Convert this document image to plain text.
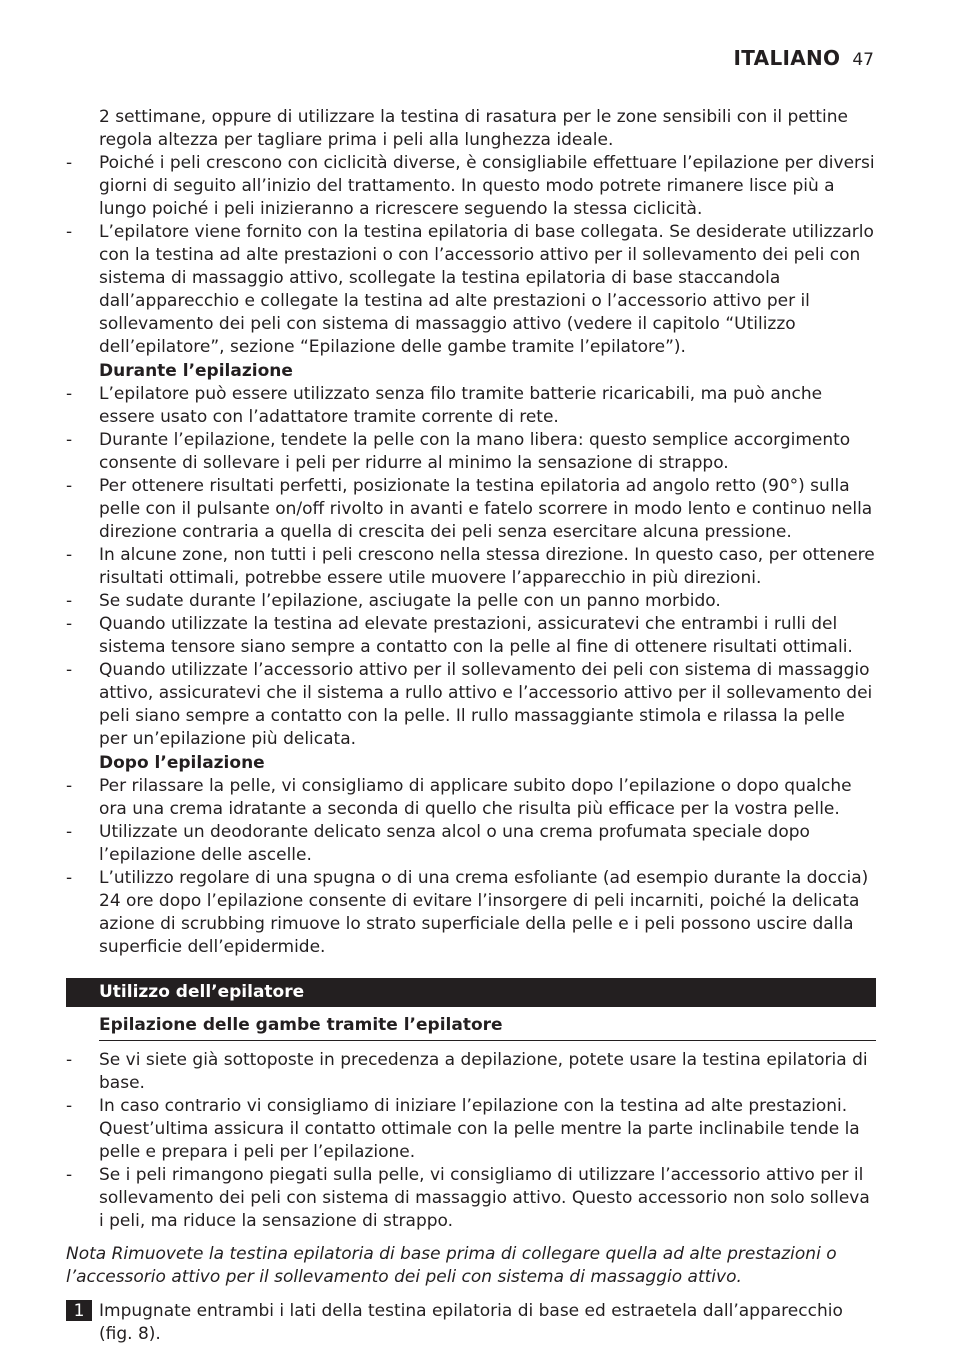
ITALIANO 47

2 settimane, oppure di utilizzare la testina di rasatura per le zone sensibili con il pettine regola altezza per tagliare prima i peli alla lunghezza ideale.

- Poiché i peli crescono con ciclicità diverse, è consigliabile effettuare l’epilazione per diversi giorni di seguito all’inizio del trattamento. In questo modo potrete rimanere lisce più a lungo poiché i peli inizieranno a ricrescere seguendo la stessa ciclicità.
- L’epilatore viene fornito con la testina epilatoria di base collegata. Se desiderate utilizzarlo con la testina ad alte prestazioni o con l’accessorio attivo per il sollevamento dei peli con sistema di massaggio attivo, scollegate la testina epilatoria di base staccandola dall’apparecchio e collegate la testina ad alte prestazioni o l’accessorio attivo per il sollevamento dei peli con sistema di massaggio attivo (vedere il capitolo “Utilizzo dell’epilatore”, sezione “Epilazione delle gambe tramite l’epilatore”).
Durante l’epilazione
- L’epilatore può essere utilizzato senza filo tramite batterie ricaricabili, ma può anche essere usato con l’adattatore tramite corrente di rete.
- Durante l’epilazione, tendete la pelle con la mano libera: questo semplice accorgimento consente di sollevare i peli per ridurre al minimo la sensazione di strappo.
- Per ottenere risultati perfetti, posizionate la testina epilatoria ad angolo retto (90°) sulla pelle con il pulsante on/off rivolto in avanti e fatelo scorrere in modo lento e continuo nella direzione contraria a quella di crescita dei peli senza esercitare alcuna pressione.
- In alcune zone, non tutti i peli crescono nella stessa direzione. In questo caso, per ottenere risultati ottimali, potrebbe essere utile muovere l’apparecchio in più direzioni.
- Se sudate durante l’epilazione, asciugate la pelle con un panno morbido.
- Quando utilizzate la testina ad elevate prestazioni, assicuratevi che entrambi i rulli del sistema tensore siano sempre a contatto con la pelle al fine di ottenere risultati ottimali.
- Quando utilizzate l’accessorio attivo per il sollevamento dei peli con sistema di massaggio attivo, assicuratevi che il sistema a rullo attivo e l’accessorio attivo per il sollevamento dei peli siano sempre a contatto con la pelle. Il rullo massaggiante stimola e rilassa la pelle per un’epilazione più delicata.
Dopo l’epilazione
- Per rilassare la pelle, vi consigliamo di applicare subito dopo l’epilazione o dopo qualche ora una crema idratante a seconda di quello che risulta più efficace per la vostra pelle.
- Utilizzate un deodorante delicato senza alcol o una crema profumata speciale dopo l’epilazione delle ascelle.
- L’utilizzo regolare di una spugna o di una crema esfoliante (ad esempio durante la doccia) 24 ore dopo l’epilazione consente di evitare l’insorgere di peli incarniti, poiché la delicata azione di scrubbing rimuove lo strato superficiale della pelle e i peli possono uscire dalla superficie dell’epidermide.
Utilizzo dell’epilatore
Epilazione delle gambe tramite l’epilatore
- Se vi siete già sottoposte in precedenza a depilazione, potete usare la testina epilatoria di base.
- In caso contrario vi consigliamo di iniziare l’epilazione con la testina ad alte prestazioni. Quest’ultima assicura il contatto ottimale con la pelle mentre la parte inclinabile tende la pelle e prepara i peli per l’epilazione.
- Se i peli rimangono piegati sulla pelle, vi consigliamo di utilizzare l’accessorio attivo per il sollevamento dei peli con sistema di massaggio attivo. Questo accessorio non solo solleva i peli, ma riduce la sensazione di strappo.

Nota Rimuovete la testina epilatoria di base prima di collegare quella ad alte prestazioni o l’accessorio attivo per il sollevamento dei peli con sistema di massaggio attivo.

1 Impugnate entrambi i lati della testina epilatoria di base ed estraetela dall’apparecchio (fig. 8).
